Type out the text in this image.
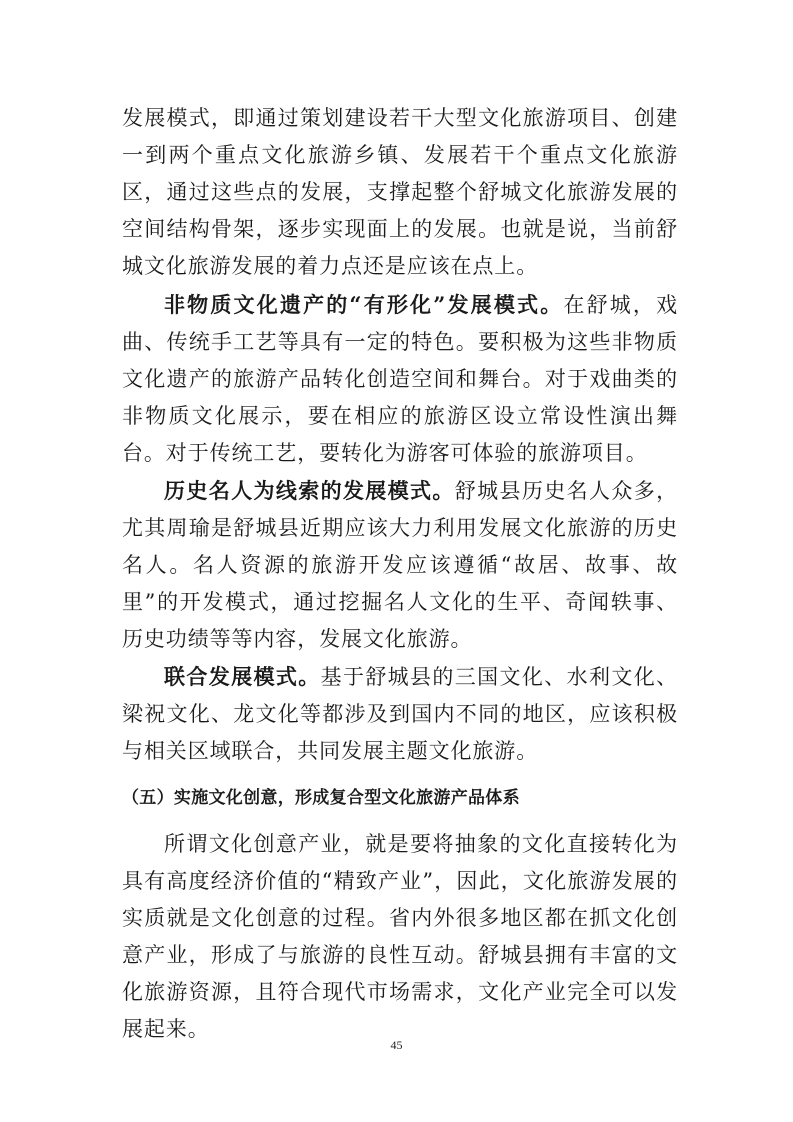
发展模式，即通过策划建设若干大型文化旅游项目、创建一到两个重点文化旅游乡镇、发展若干个重点文化旅游区，通过这些点的发展，支撑起整个舒城文化旅游发展的空间结构骨架，逐步实现面上的发展。也就是说，当前舒城文化旅游发展的着力点还是应该在点上。

非物质文化遗产的“有形化”发展模式。在舒城，戏曲、传统手工艺等具有一定的特色。要积极为这些非物质文化遗产的旅游产品转化创造空间和舞台。对于戏曲类的非物质文化展示，要在相应的旅游区设立常设性演出舞台。对于传统工艺，要转化为游客可体验的旅游项目。

历史名人为线索的发展模式。舒城县历史名人众多，尤其周瑜是舒城县近期应该大力利用发展文化旅游的历史名人。名人资源的旅游开发应该遵循“故居、故事、故里”的开发模式，通过挖掘名人文化的生平、奇闻轶事、历史功绩等等内容，发展文化旅游。

联合发展模式。基于舒城县的三国文化、水利文化、梁祝文化、龙文化等都涉及到国内不同的地区，应该积极与相关区域联合，共同发展主题文化旅游。

（五）实施文化创意，形成复合型文化旅游产品体系

所谓文化创意产业，就是要将抽象的文化直接转化为具有高度经济价值的“精致产业”，因此，文化旅游发展的实质就是文化创意的过程。省内外很多地区都在抓文化创意产业，形成了与旅游的良性互动。舒城县拥有丰富的文化旅游资源，且符合现代市场需求，文化产业完全可以发展起来。

45
